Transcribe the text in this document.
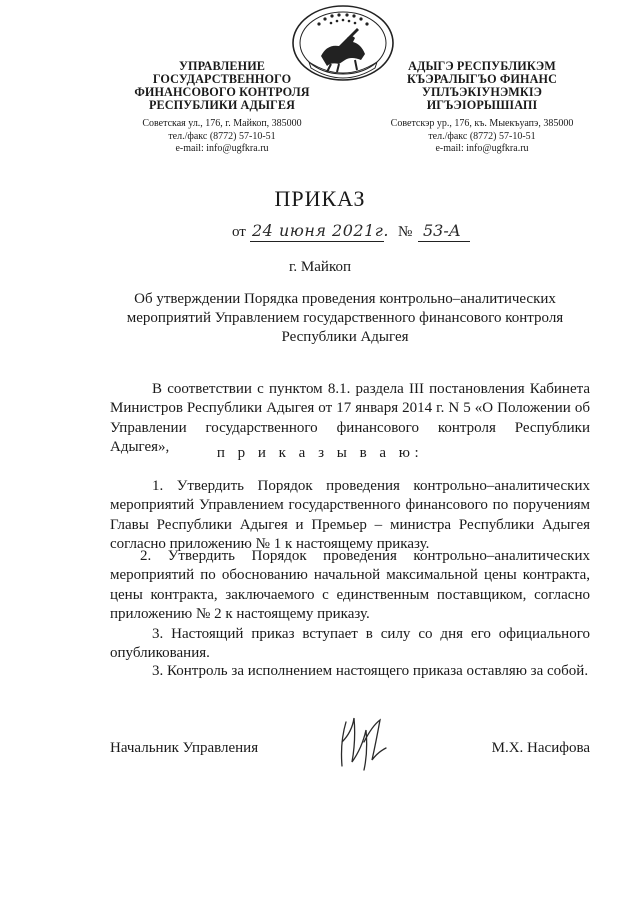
УПРАВЛЕНИЕ
ГОСУДАРСТВЕННОГО
ФИНАНСОВОГО КОНТРОЛЯ
РЕСПУБЛИКИ АДЫГЕЯ
Советская ул., 176, г. Майкоп, 385000
тел./факс (8772) 57-10-51
e-mail: info@ugfkra.ru
АДЫГЭ РЕСПУБЛИКЭМ
КЪЭРАЛЫГЪО ФИНАНС
УПЛЪЭКIУНЭМКIЭ
ИГЪЭIОРЫШIАПI
Советскэр ур., 176, къ. Мыекъуапэ, 385000
тел./факс (8772) 57-10-51
e-mail: info@ugfkra.ru
ПРИКАЗ
от 24 июня 2021г. № 53-А
г. Майкоп
Об утверждении Порядка проведения контрольно–аналитических
мероприятий Управлением государственного финансового контроля
Республики Адыгея
В соответствии с пунктом 8.1. раздела III постановления Кабинета Министров Республики Адыгея от 17 января 2014 г. N 5 «О Положении об Управлении государственного финансового контроля Республики Адыгея»,	п р и к а з ы в а ю:
1. Утвердить Порядок проведения контрольно–аналитических мероприятий Управлением государственного финансового по поручениям Главы Республики Адыгея и Премьер – министра Республики Адыгея согласно приложению № 1 к настоящему приказу.
2. Утвердить Порядок проведения контрольно–аналитических мероприятий по обоснованию начальной максимальной цены контракта, цены контракта, заключаемого с единственным поставщиком, согласно приложению № 2 к настоящему приказу.
3. Настоящий приказ вступает в силу со дня его официального опубликования.
3. Контроль за исполнением настоящего приказа оставляю за собой.
Начальник Управления	М.Х. Насифова
